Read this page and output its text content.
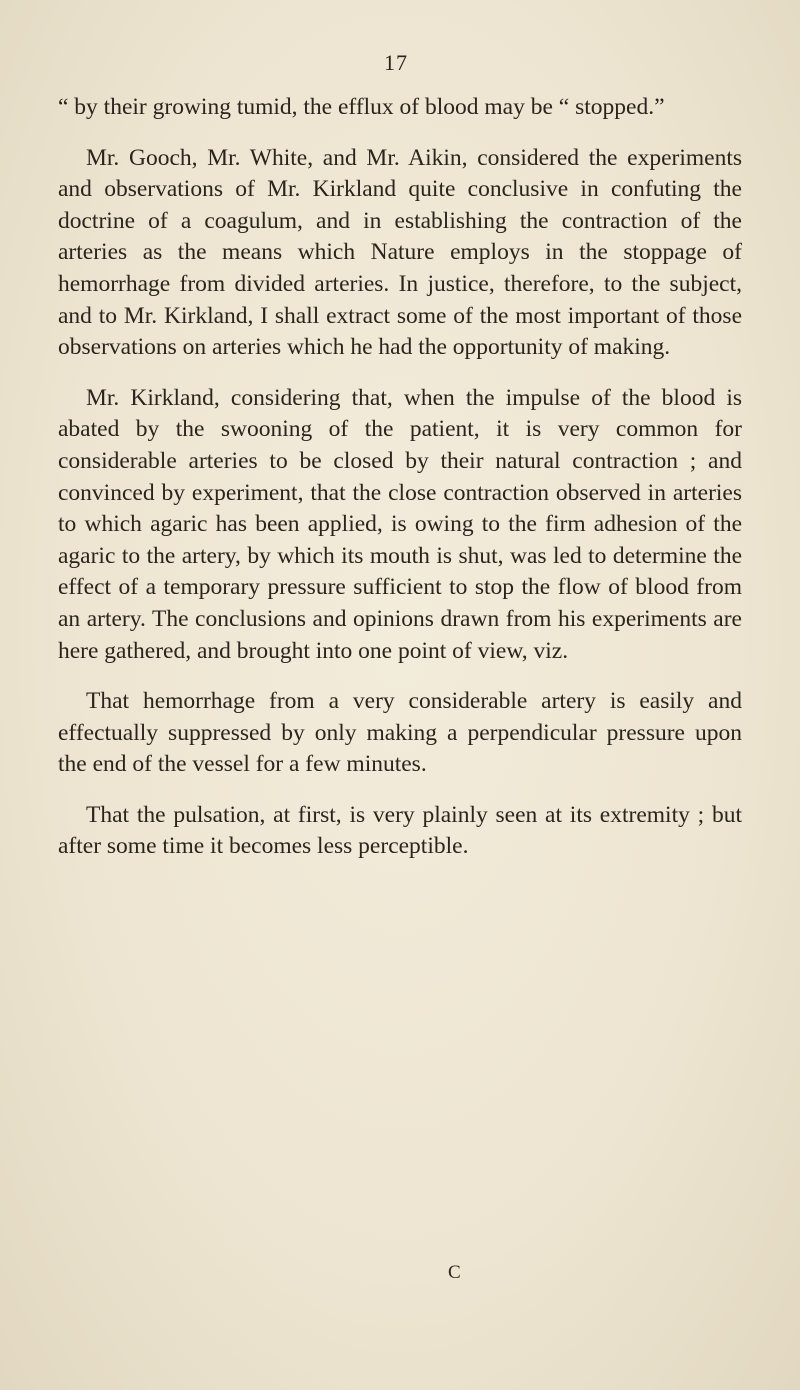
17

“ by their growing tumid, the efflux of blood may be “ stopped.”

Mr. Gooch, Mr. White, and Mr. Aikin, considered the experiments and observations of Mr. Kirkland quite conclusive in confuting the doctrine of a coagulum, and in establishing the contraction of the arteries as the means which Nature employs in the stoppage of hemorrhage from divided arteries. In justice, therefore, to the subject, and to Mr. Kirkland, I shall extract some of the most important of those observations on arteries which he had the opportunity of making.

Mr. Kirkland, considering that, when the impulse of the blood is abated by the swooning of the patient, it is very common for considerable arteries to be closed by their natural contraction ; and convinced by experiment, that the close contraction observed in arteries to which agaric has been applied, is owing to the firm adhesion of the agaric to the artery, by which its mouth is shut, was led to determine the effect of a temporary pressure sufficient to stop the flow of blood from an artery. The conclusions and opinions drawn from his experiments are here gathered, and brought into one point of view, viz.

That hemorrhage from a very considerable artery is easily and effectually suppressed by only making a perpendicular pressure upon the end of the vessel for a few minutes.

That the pulsation, at first, is very plainly seen at its extremity ; but after some time it becomes less perceptible.

C
